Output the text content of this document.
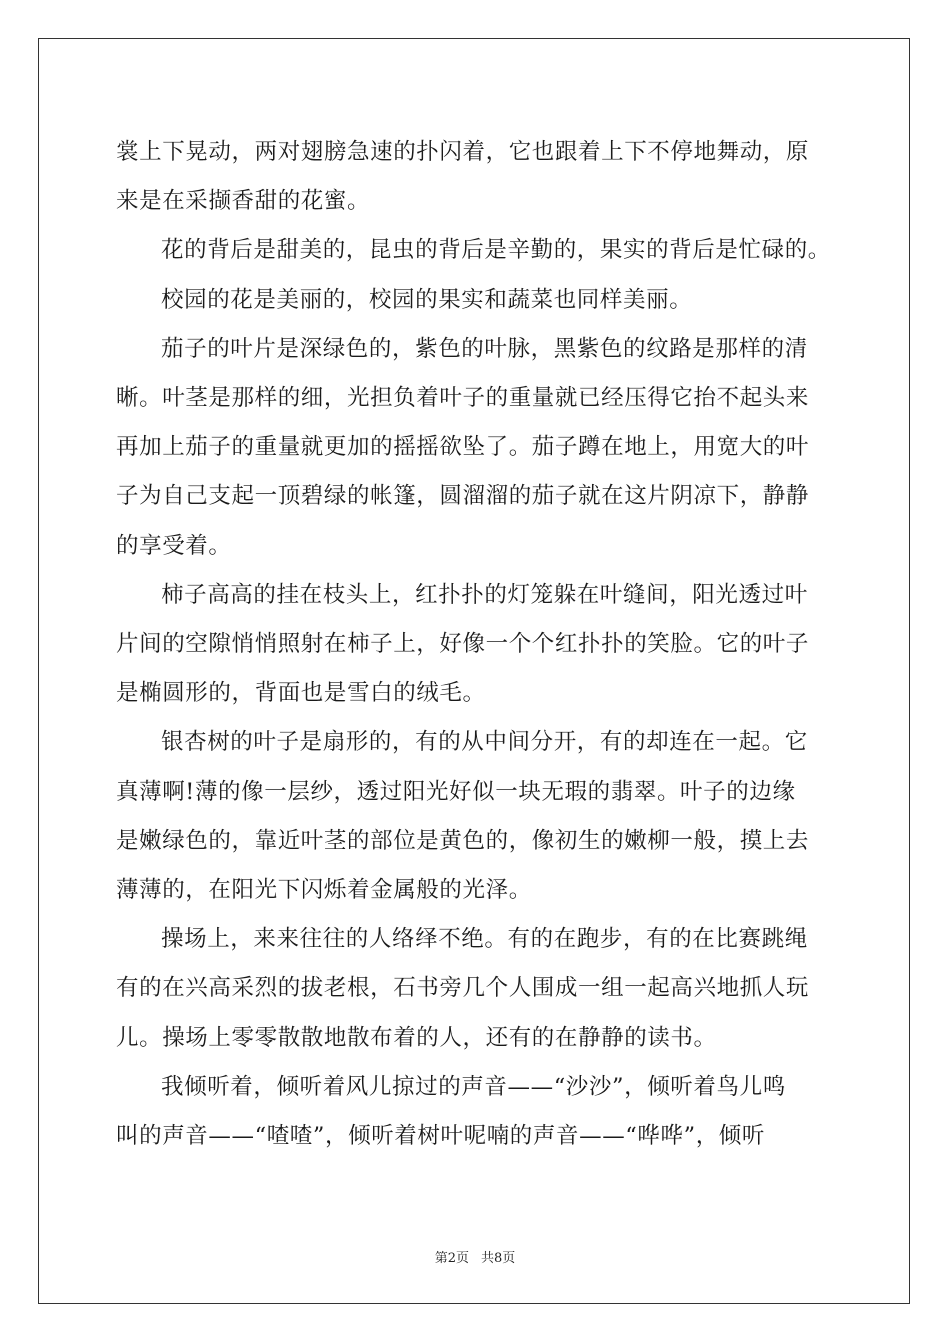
裳上下晃动，两对翅膀急速的扑闪着，它也跟着上下不停地舞动，原
来是在采撷香甜的花蜜。
花的背后是甜美的，昆虫的背后是辛勤的，果实的背后是忙碌的。
校园的花是美丽的，校园的果实和蔬菜也同样美丽。
茄子的叶片是深绿色的，紫色的叶脉，黑紫色的纹路是那样的清
晰。叶茎是那样的细，光担负着叶子的重量就已经压得它抬不起头来
再加上茄子的重量就更加的摇摇欲坠了。茄子蹲在地上，用宽大的叶
子为自己支起一顶碧绿的帐篷，圆溜溜的茄子就在这片阴凉下，静静
的享受着。
柿子高高的挂在枝头上，红扑扑的灯笼躲在叶缝间，阳光透过叶
片间的空隙悄悄照射在柿子上，好像一个个红扑扑的笑脸。它的叶子
是椭圆形的，背面也是雪白的绒毛。
银杏树的叶子是扇形的，有的从中间分开，有的却连在一起。它
真薄啊!薄的像一层纱，透过阳光好似一块无瑕的翡翠。叶子的边缘
是嫩绿色的，靠近叶茎的部位是黄色的，像初生的嫩柳一般，摸上去
薄薄的，在阳光下闪烁着金属般的光泽。
操场上，来来往往的人络绎不绝。有的在跑步，有的在比赛跳绳
有的在兴高采烈的拔老根，石书旁几个人围成一组一起高兴地抓人玩
儿。操场上零零散散地散布着的人，还有的在静静的读书。
我倾听着，倾听着风儿掠过的声音——“沙沙”，倾听着鸟儿鸣
叫的声音——“喳喳”，倾听着树叶呢喃的声音——“哗哗”，倾听
第2页 共8页
